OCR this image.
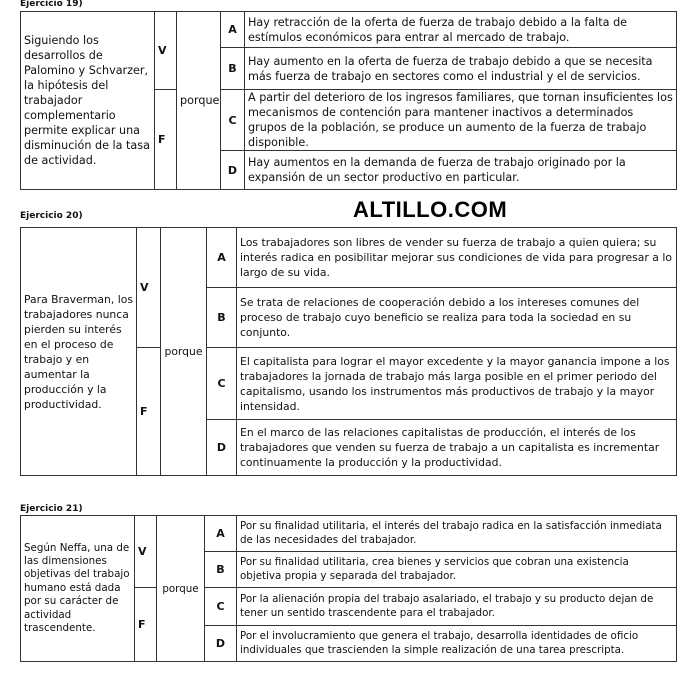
Ejercicio 19)
Siguiendo los desarrollos de Palomino y Schvarzer, la hipótesis del trabajador complementario permite explicar una disminución de la tasa de actividad.	V	porque	A	Hay retracción de la oferta de fuerza de trabajo debido a la falta de estímulos económicos para entrar al mercado de trabajo.
			B	Hay aumento en la oferta de fuerza de trabajo debido a que se necesita más fuerza de trabajo en sectores como el industrial y el de servicios.
	F		C	A partir del deterioro de los ingresos familiares, que tornan insuficientes los mecanismos de contención para mantener inactivos a determinados grupos de la población, se produce un aumento de la fuerza de trabajo disponible.
			D	Hay aumentos en la demanda de fuerza de trabajo originado por la expansión de un sector productivo en particular.
ALTILLO.COM
Ejercicio 20)
Para Braverman, los trabajadores nunca pierden su interés en el proceso de trabajo y en aumentar la producción y la productividad.	V	porque	A	Los trabajadores son libres de vender su fuerza de trabajo a quien quiera; su interés radica en posibilitar mejorar sus condiciones de vida para progresar a lo largo de su vida.
			B	Se trata de relaciones de cooperación debido a los intereses comunes del proceso de trabajo cuyo beneficio se realiza para toda la sociedad en su conjunto.
	F		C	El capitalista para lograr el mayor excedente y la mayor ganancia impone a los trabajadores la jornada de trabajo más larga posible en el primer periodo del capitalismo, usando los instrumentos más productivos de trabajo y la mayor intensidad.
			D	En el marco de las relaciones capitalistas de producción, el interés de los trabajadores que venden su fuerza de trabajo a un capitalista es incrementar continuamente la producción y la productividad.
Ejercicio 21)
Según Neffa, una de las dimensiones objetivas del trabajo humano está dada por su carácter de actividad trascendente.	V	porque	A	Por su finalidad utilitaria, el interés del trabajo radica en la satisfacción inmediata de las necesidades del trabajador.
			B	Por su finalidad utilitaria, crea bienes y servicios que cobran una existencia objetiva propia y separada del trabajador.
	F		C	Por la alienación propia del trabajo asalariado, el trabajo y su producto dejan de tener un sentido trascendente para el trabajador.
			D	Por el involucramiento que genera el trabajo, desarrolla identidades de oficio individuales que trascienden la simple realización de una tarea prescripta.
